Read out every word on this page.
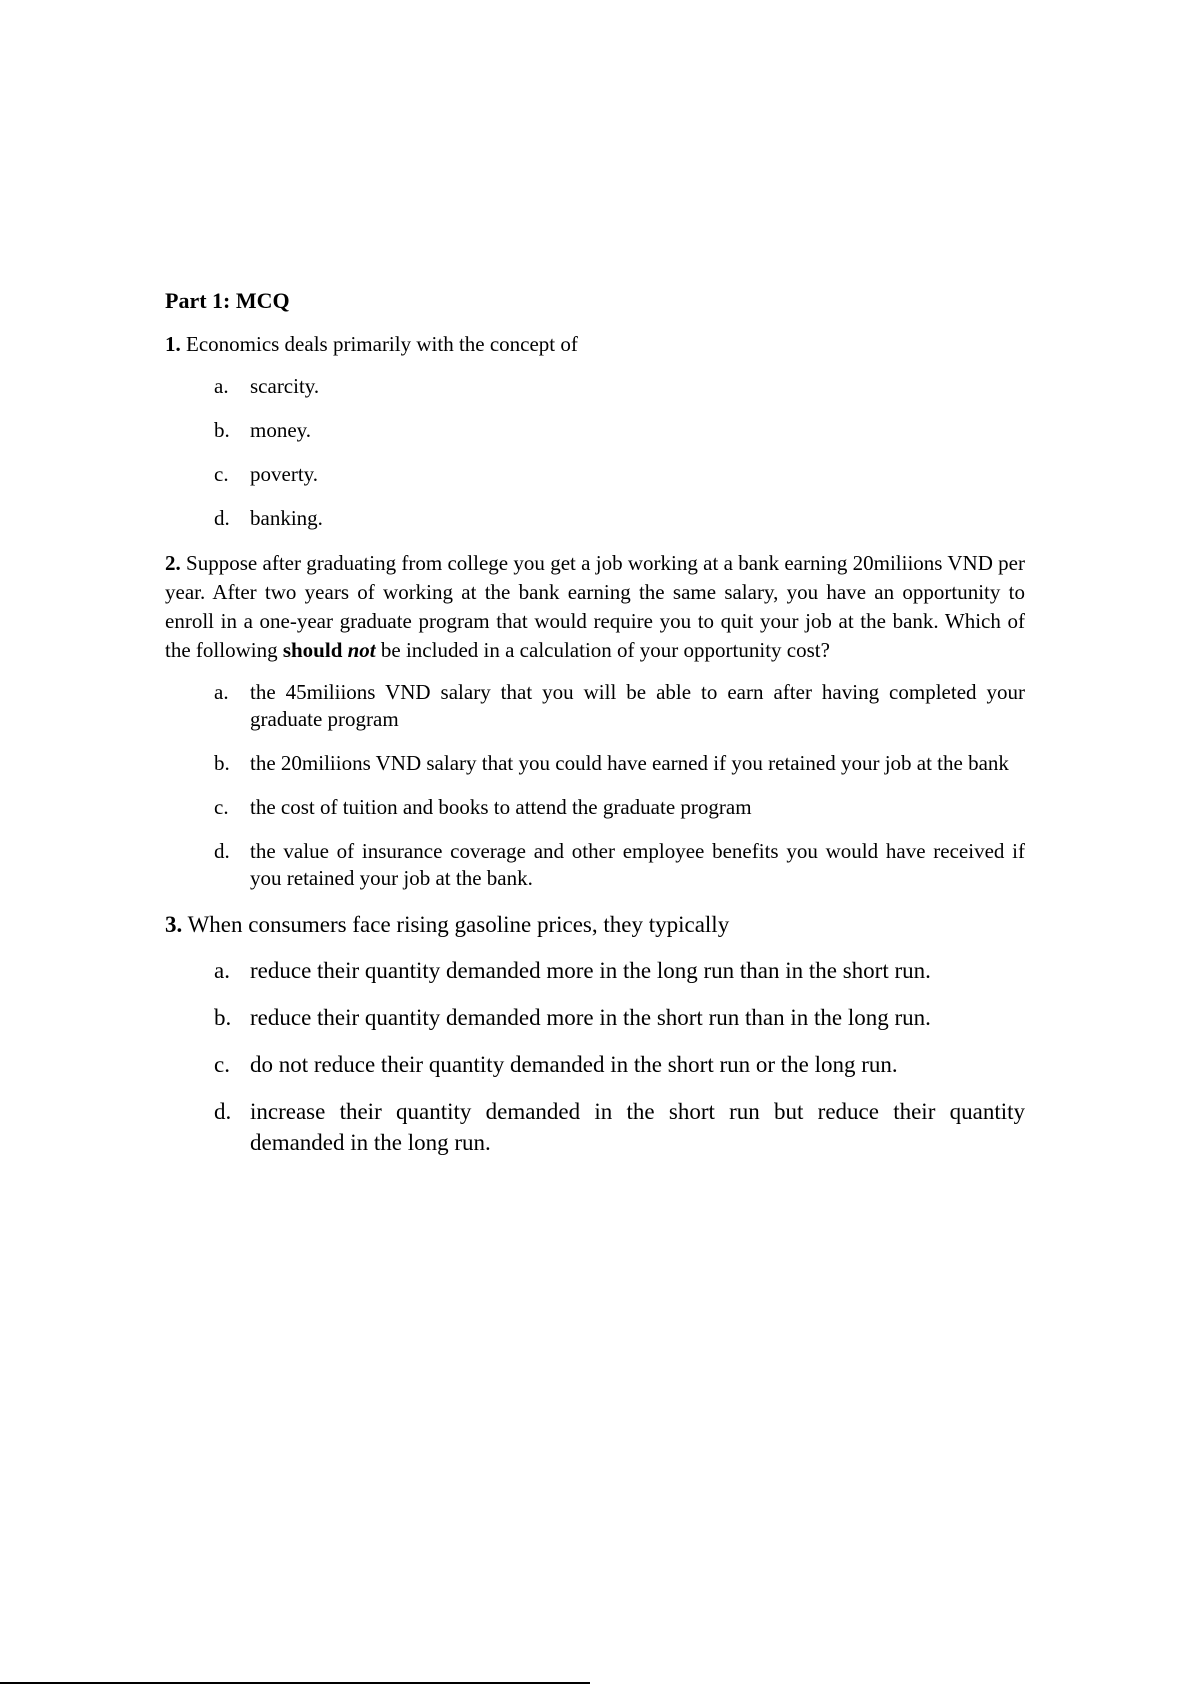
Part 1: MCQ

1. Economics deals primarily with the concept of

a. scarcity.
b. money.
c. poverty.
d. banking.

2. Suppose after graduating from college you get a job working at a bank earning 20miliions VND per year. After two years of working at the bank earning the same salary, you have an opportunity to enroll in a one-year graduate program that would require you to quit your job at the bank. Which of the following should not be included in a calculation of your opportunity cost?

a. the 45miliions VND salary that you will be able to earn after having completed your graduate program
b. the 20miliions VND salary that you could have earned if you retained your job at the bank
c. the cost of tuition and books to attend the graduate program
d. the value of insurance coverage and other employee benefits you would have received if you retained your job at the bank.

3. When consumers face rising gasoline prices, they typically

a. reduce their quantity demanded more in the long run than in the short run.
b. reduce their quantity demanded more in the short run than in the long run.
c. do not reduce their quantity demanded in the short run or the long run.
d. increase their quantity demanded in the short run but reduce their quantity demanded in the long run.
